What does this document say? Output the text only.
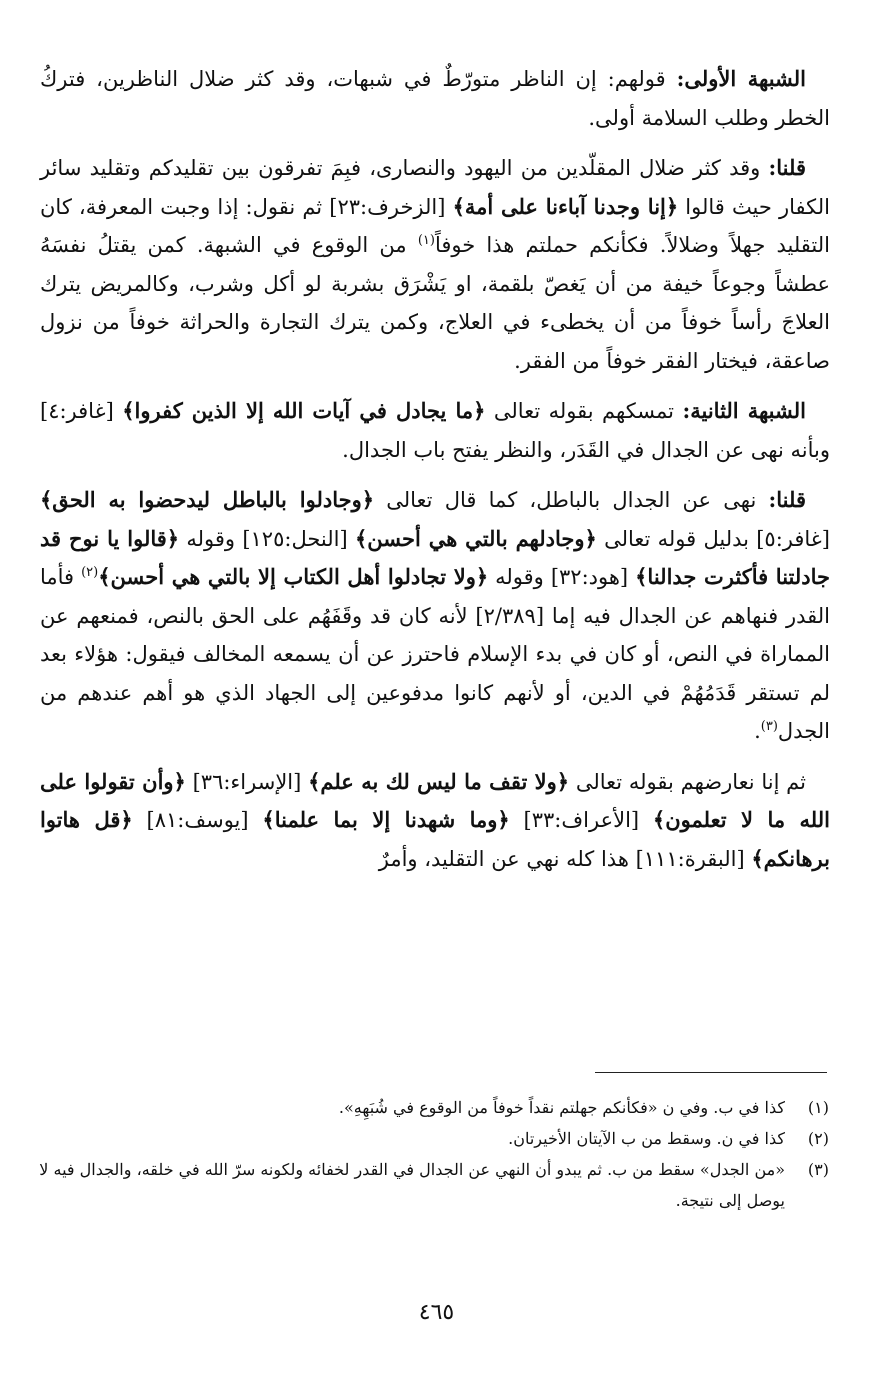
الشبهة الأولى: قولهم: إن الناظر متورّطٌ في شبهات، وقد كثر ضلال الناظرين، فتركُ الخطر وطلب السلامة أولى.

قلنا: وقد كثر ضلال المقلّدين من اليهود والنصارى، فبِمَ تفرقون بين تقليدكم وتقليد سائر الكفار حيث قالوا ﴿إنا وجدنا آباءنا على أمة﴾ [الزخرف:٢٣] ثم نقول: إذا وجبت المعرفة، كان التقليد جهلاً وضلالاً. فكأنكم حملتم هذا خوفاً$^{(١)}$ من الوقوع في الشبهة. كمن يقتلُ نفسَهُ عطشاً وجوعاً خيفة من أن يَغصّ بلقمة، او يَشْرَق بشربة لو أكل وشرب، وكالمريض يترك العلاجَ رأساً خوفاً من أن يخطىء في العلاج، وكمن يترك التجارة والحراثة خوفاً من نزول صاعقة، فيختار الفقر خوفاً من الفقر.

الشبهة الثانية: تمسكهم بقوله تعالى ﴿ما يجادل في آيات الله إلا الذين كفروا﴾ [غافر:٤] وبأنه نهى عن الجدال في القَدَر، والنظر يفتح باب الجدال.

قلنا: نهى عن الجدال بالباطل، كما قال تعالى ﴿وجادلوا بالباطل ليدحضوا به الحق﴾ [غافر:٥] بدليل قوله تعالى ﴿وجادلهم بالتي هي أحسن﴾ [النحل:١٢٥] وقوله ﴿قالوا يا نوح قد جادلتنا فأكثرت جدالنا﴾ [هود:٣٢] وقوله ﴿ولا تجادلوا أهل الكتاب إلا بالتي هي أحسن﴾$^{(٢)}$ فأما القدر فنهاهم عن الجدال فيه إما [٢/٣٨٩] لأنه كان قد وقَفَهُم على الحق بالنص، فمنعهم عن المماراة في النص، أو كان في بدء الإسلام فاحترز عن أن يسمعه المخالف فيقول: هؤلاء بعد لم تستقر قَدَمُهُمْ في الدين، أو لأنهم كانوا مدفوعين إلى الجهاد الذي هو أهم عندهم من الجدل$^{(٣)}$.

ثم إنا نعارضهم بقوله تعالى ﴿ولا تقف ما ليس لك به علم﴾ [الإسراء:٣٦] ﴿وأن تقولوا على الله ما لا تعلمون﴾ [الأعراف:٣٣] ﴿وما شهدنا إلا بما علمنا﴾ [يوسف:٨١] ﴿قل هاتوا برهانكم﴾ [البقرة:١١١] هذا كله نهي عن التقليد، وأمرٌ

(١)
كذا في ب. وفي ن «فكأنكم جهلتم نقداً خوفاً من الوقوع في شُبَهِهِ».
(٢)
كذا في ن. وسقط من ب الآيتان الأخيرتان.
(٣)
«من الجدل» سقط من ب. ثم يبدو أن النهي عن الجدال في القدر لخفائه ولكونه سرّ الله في خلقه، والجدال فيه لا يوصل إلى نتيجة.
٤٦٥
